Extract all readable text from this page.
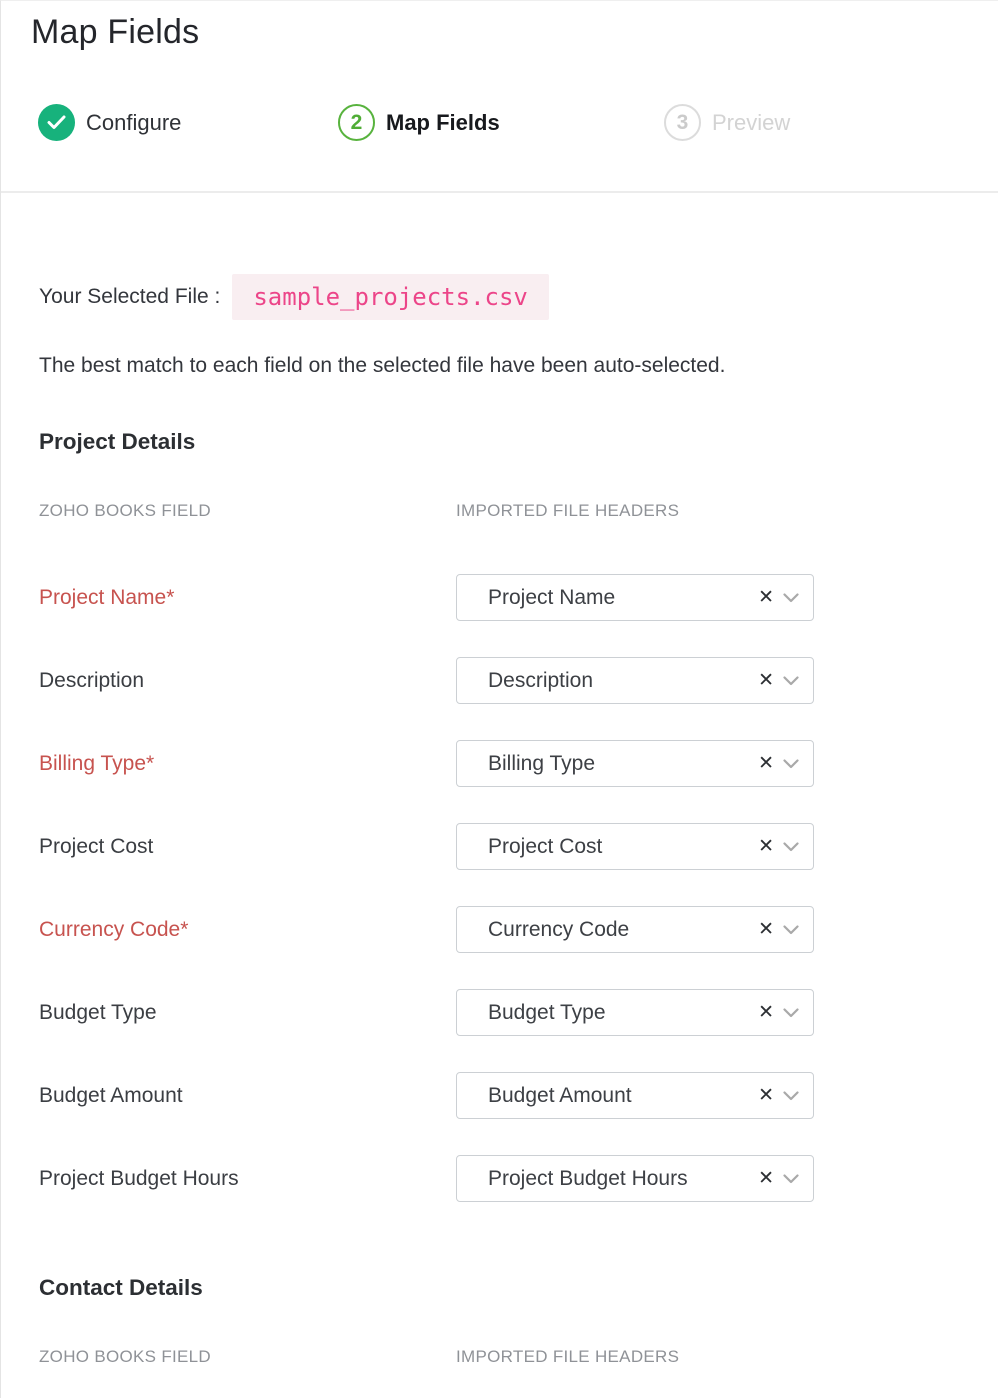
Map Fields
Configure	2	Map Fields	3	Preview
Your Selected File :	sample_projects.csv
The best match to each field on the selected file have been auto-selected.
Project Details
ZOHO BOOKS FIELD	IMPORTED FILE HEADERS
Project Name*	Project Name	✕
Description	Description	✕
Billing Type*	Billing Type	✕
Project Cost	Project Cost	✕
Currency Code*	Currency Code	✕
Budget Type	Budget Type	✕
Budget Amount	Budget Amount	✕
Project Budget Hours	Project Budget Hours	✕
Contact Details
ZOHO BOOKS FIELD	IMPORTED FILE HEADERS
